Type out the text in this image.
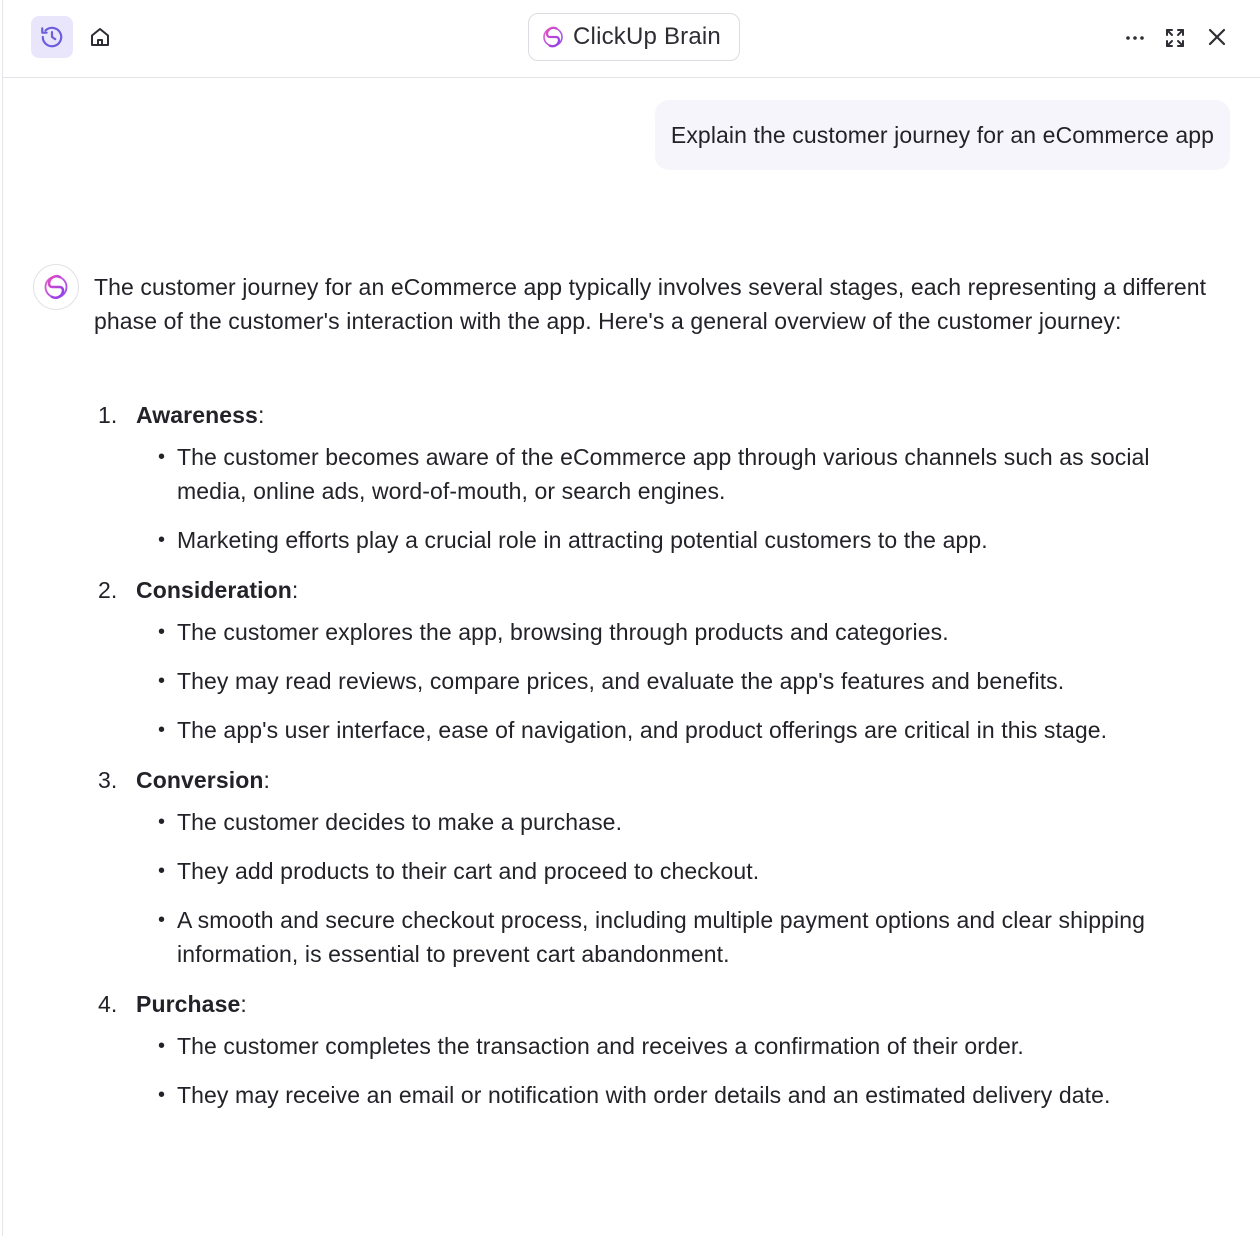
ClickUp Brain
Explain the customer journey for an eCommerce app

The customer journey for an eCommerce app typically involves several stages, each representing a different phase of the customer's interaction with the app. Here's a general overview of the customer journey:

1. Awareness:
• The customer becomes aware of the eCommerce app through various channels such as social media, online ads, word-of-mouth, or search engines.
• Marketing efforts play a crucial role in attracting potential customers to the app.
2. Consideration:
• The customer explores the app, browsing through products and categories.
• They may read reviews, compare prices, and evaluate the app's features and benefits.
• The app's user interface, ease of navigation, and product offerings are critical in this stage.
3. Conversion:
• The customer decides to make a purchase.
• They add products to their cart and proceed to checkout.
• A smooth and secure checkout process, including multiple payment options and clear shipping information, is essential to prevent cart abandonment.
4. Purchase:
• The customer completes the transaction and receives a confirmation of their order.
• They may receive an email or notification with order details and an estimated delivery date.
